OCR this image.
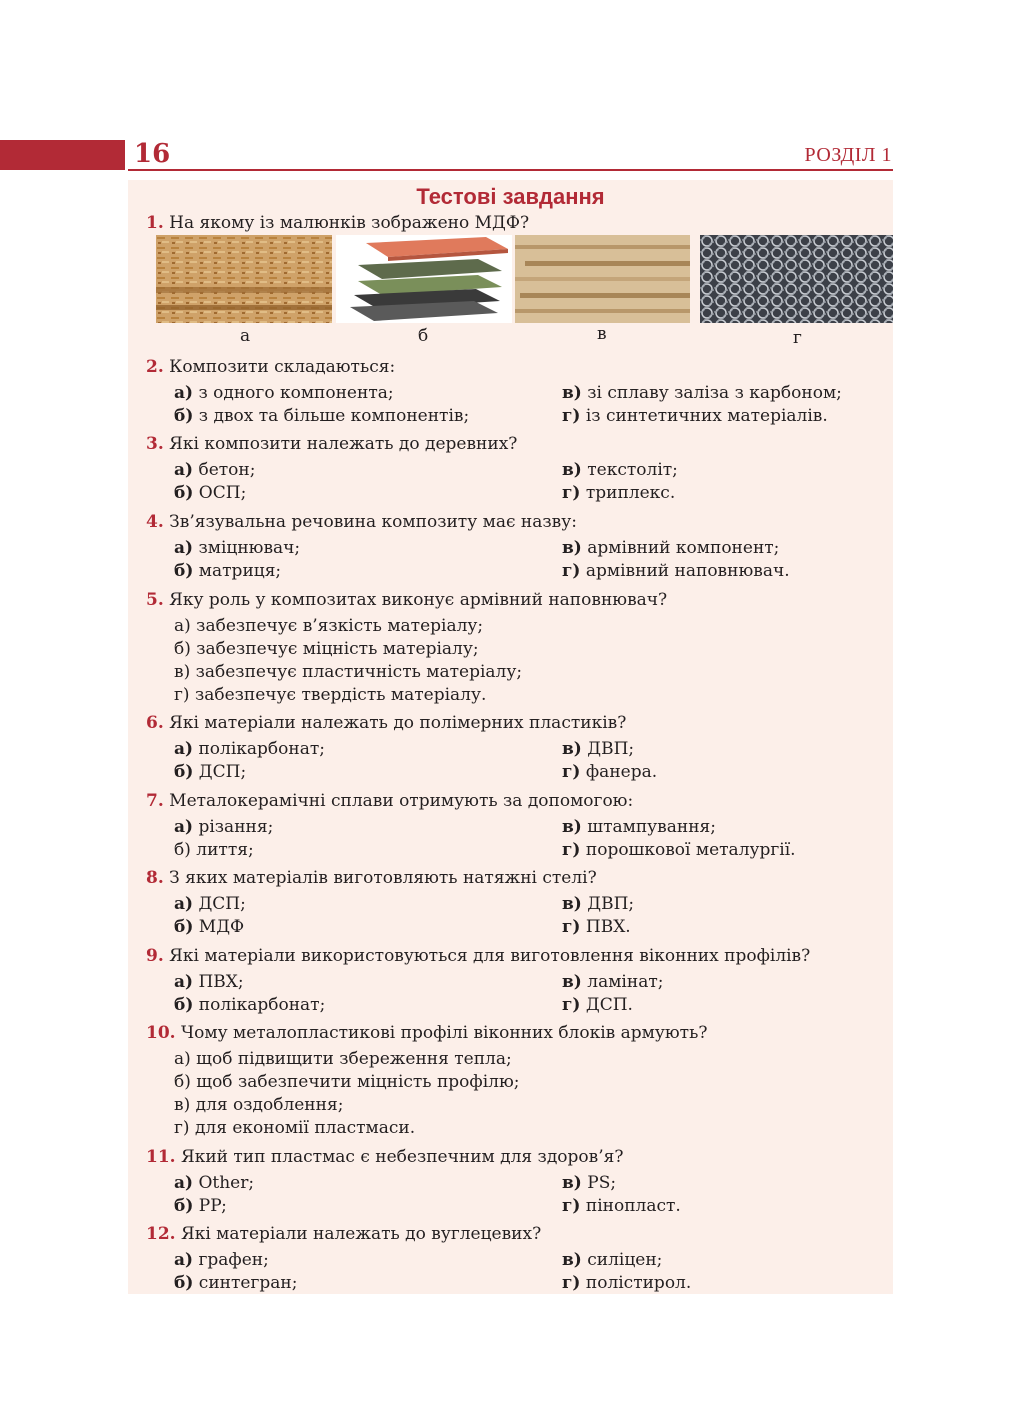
16	РОЗДІЛ 1
Тестові завдання
1. На якому із малюнків зображено МДФ?
а	б	в	г
2. Композити складаються:
а) з одного компонента;
б) з двох та більше компонентів;
в) зі сплаву заліза з карбоном;
г) із синтетичних матеріалів.
3. Які композити належать до деревних?
а) бетон;
б) ОСП;
в) текстоліт;
г) триплекс.
4. Зв’язувальна речовина композиту має назву:
а) зміцнювач;
б) матриця;
в) армівний компонент;
г) армівний наповнювач.
5. Яку роль у композитах виконує армівний наповнювач?
а) забезпечує в’язкість матеріалу;
б) забезпечує міцність матеріалу;
в) забезпечує пластичність матеріалу;
г) забезпечує твердість матеріалу.
6. Які матеріали належать до полімерних пластиків?
а) полікарбонат;
б) ДСП;
в) ДВП;
г) фанера.
7. Металокерамічні сплави отримують за допомогою:
а) різання;
б) лиття;
в) штампування;
г) порошкової металургії.
8. З яких матеріалів виготовляють натяжні стелі?
а) ДСП;
б) МДФ
в) ДВП;
г) ПВХ.
9. Які матеріали використовуються для виготовлення віконних профілів?
а) ПВХ;
б) полікарбонат;
в) ламінат;
г) ДСП.
10. Чому металопластикові профілі віконних блоків армують?
а) щоб підвищити збереження тепла;
б) щоб забезпечити міцність профілю;
в) для оздоблення;
г) для економії пластмаси.
11. Який тип пластмас є небезпечним для здоров’я?
а) Other;
б) PP;
в) PS;
г) пінопласт.
12. Які матеріали належать до вуглецевих?
а) графен;
б) синтегран;
в) силіцен;
г) полістирол.
